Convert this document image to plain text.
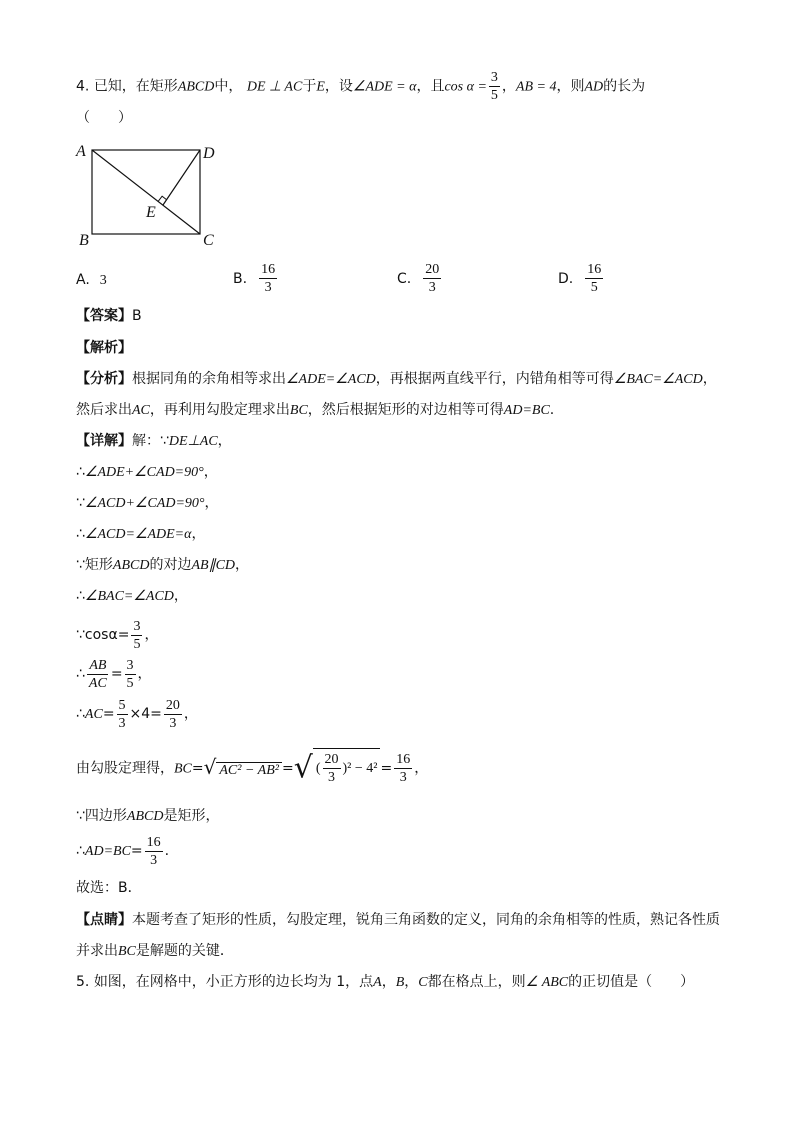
4. 已知，在矩形ABCD中， DE ⊥ AC于E，设∠ADE = α，且$\cos \alpha = \frac{3}{5}$ ，AB = 4，则AD的长为
（　　）
A
B	C
D
E
A. 3	B. $\frac{16}{3}$	C. $\frac{20}{3}$	D. $\frac{16}{5}$
【答案】B
【解析】
【分析】根据同角的余角相等求出∠ADE=∠ACD，再根据两直线平行，内错角相等可得∠BAC=∠ACD，
然后求出AC，再利用勾股定理求出BC，然后根据矩形的对边相等可得AD=BC.
【详解】解：∵DE⊥AC，
∴∠ADE+∠CAD=90°，
∵∠ACD+∠CAD=90°，
∴∠ACD=∠ADE=α，
∵矩形ABCD的对边AB∥CD，
∴∠BAC=∠ACD，
∵cosα= $\frac{3}{5}$ ，
∴ $\frac{AB}{AC} = \frac{3}{5}$ ，
∴AC= $\frac{5}{3} \times 4= \frac{20}{3}$ ，
由勾股定理得，BC=√ AC² − AB² =√ ( $\frac{20}{3} )^2 - 4^2 = \frac{16}{3}$ ，
∵四边形ABCD是矩形，
∴AD=BC= $\frac{16}{3}$ .
故选：B．
【点睛】本题考查了矩形的性质，勾股定理，锐角三角函数的定义，同角的余角相等的性质，熟记各性质
并求出BC是解题的关键．
5. 如图，在网格中，小正方形的边长均为 1，点A，B，C都在格点上，则∠ ABC的正切值是（　　）
